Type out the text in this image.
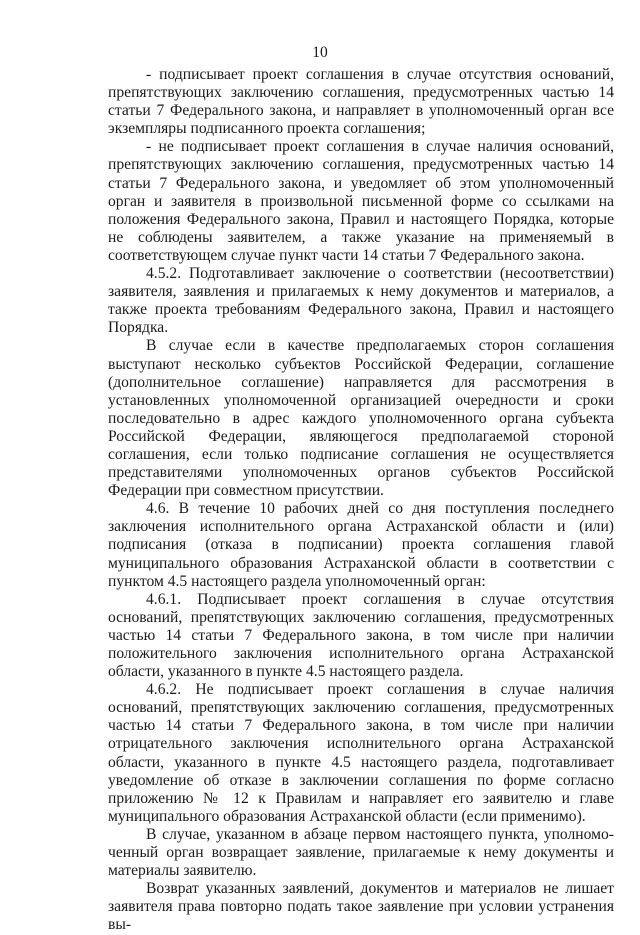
10

- подписывает проект соглашения в случае отсутствия оснований, препятствующих заключению соглашения, предусмотренных частью 14 статьи 7 Федерального закона, и направляет в уполномоченный орган все экземпляры подписанного проекта соглашения;

- не подписывает проект соглашения в случае наличия оснований, препятствующих заключению соглашения, предусмотренных частью 14 статьи 7 Федерального закона, и уведомляет об этом уполномоченный орган и заявителя в произвольной письменной форме со ссылками на положения Федерального закона, Правил и настоящего Порядка, которые не соблюдены заявителем, а также указание на применяемый в соответствующем случае пункт части 14 статьи 7 Федерального закона.

4.5.2. Подготавливает заключение о соответствии (несоответствии) заявителя, заявления и прилагаемых к нему документов и материалов, а также проекта требованиям Федерального закона, Правил и настоящего Порядка.

В случае если в качестве предполагаемых сторон соглашения выступают несколько субъектов Российской Федерации, соглашение (дополнительное соглашение) направляется для рассмотрения в установленных уполномоченной организацией очередности и сроки последовательно в адрес каждого уполномоченного органа субъекта Российской Федерации, являющегося предполагаемой стороной соглашения, если только подписание соглашения не осуществляется представителями уполномоченных органов субъектов Российской Федерации при совместном присутствии.

4.6. В течение 10 рабочих дней со дня поступления последнего заключения исполнительного органа Астраханской области и (или) подписания (отказа в подписании) проекта соглашения главой муниципального образования Астраханской области в соответствии с пунктом 4.5 настоящего раздела уполномоченный орган:

4.6.1. Подписывает проект соглашения в случае отсутствия оснований, препятствующих заключению соглашения, предусмотренных частью 14 статьи 7 Федерального закона, в том числе при наличии положительного заключения исполнительного органа Астраханской области, указанного в пункте 4.5 настоящего раздела.

4.6.2. Не подписывает проект соглашения в случае наличия оснований, препятствующих заключению соглашения, предусмотренных частью 14 статьи 7 Федерального закона, в том числе при наличии отрицательного заключения исполнительного органа Астраханской области, указанного в пункте 4.5 настоящего раздела, подготавливает уведомление об отказе в заключении соглашения по форме согласно приложению № 12 к Правилам и направляет его заявителю и главе муниципального образования Астраханской области (если применимо).

В случае, указанном в абзаце первом настоящего пункта, уполномоченный орган возвращает заявление, прилагаемые к нему документы и материалы заявителю.

Возврат указанных заявлений, документов и материалов не лишает заявителя права повторно подать такое заявление при условии устранения вы-
